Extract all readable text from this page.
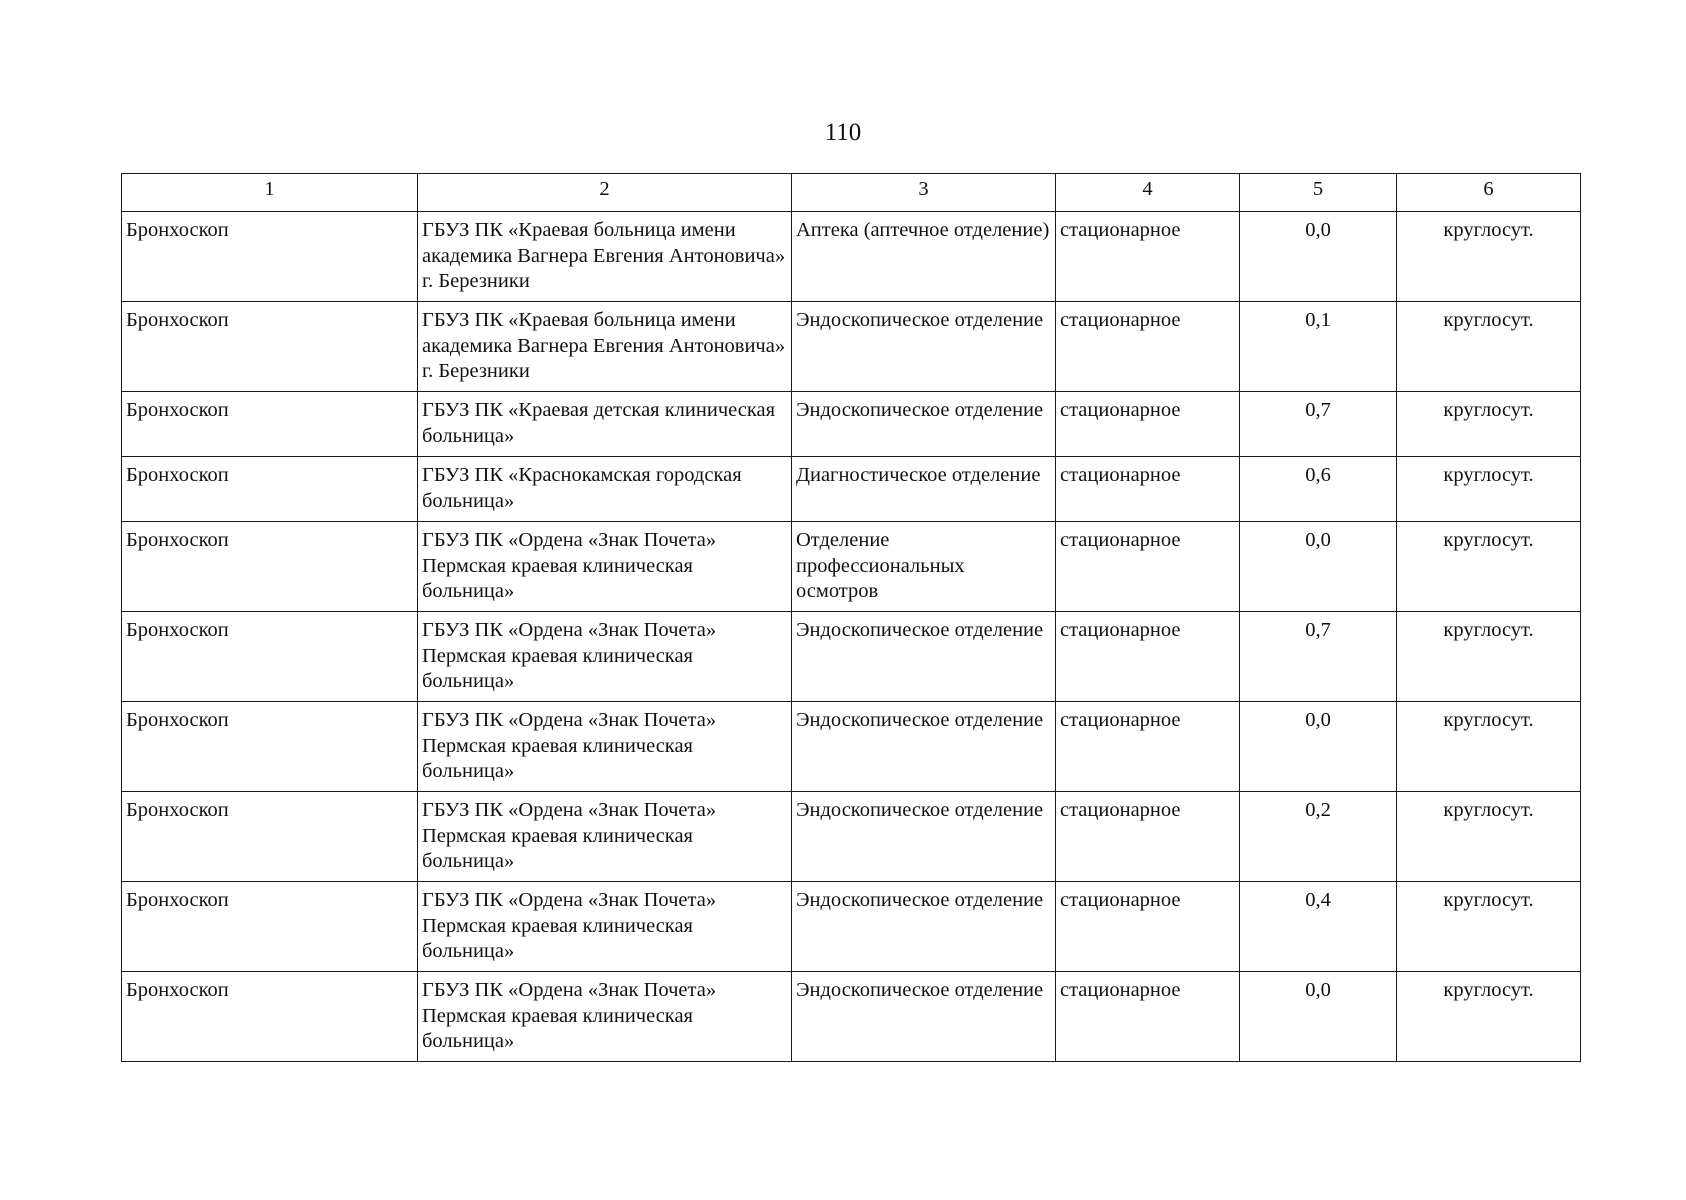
110
1	2	3	4	5	6
Бронхоскоп	ГБУЗ ПК «Краевая больница имени академика Вагнера Евгения Антоновича» г. Березники	Аптека (аптечное отделение)	стационарное	0,0	круглосут.
Бронхоскоп	ГБУЗ ПК «Краевая больница имени академика Вагнера Евгения Антоновича» г. Березники	Эндоскопическое отделение	стационарное	0,1	круглосут.
Бронхоскоп	ГБУЗ ПК «Краевая детская клиническая больница»	Эндоскопическое отделение	стационарное	0,7	круглосут.
Бронхоскоп	ГБУЗ ПК «Краснокамская городская больница»	Диагностическое отделение	стационарное	0,6	круглосут.
Бронхоскоп	ГБУЗ ПК «Ордена «Знак Почета» Пермская краевая клиническая больница»	Отделение профессиональных осмотров	стационарное	0,0	круглосут.
Бронхоскоп	ГБУЗ ПК «Ордена «Знак Почета» Пермская краевая клиническая больница»	Эндоскопическое отделение	стационарное	0,7	круглосут.
Бронхоскоп	ГБУЗ ПК «Ордена «Знак Почета» Пермская краевая клиническая больница»	Эндоскопическое отделение	стационарное	0,0	круглосут.
Бронхоскоп	ГБУЗ ПК «Ордена «Знак Почета» Пермская краевая клиническая больница»	Эндоскопическое отделение	стационарное	0,2	круглосут.
Бронхоскоп	ГБУЗ ПК «Ордена «Знак Почета» Пермская краевая клиническая больница»	Эндоскопическое отделение	стационарное	0,4	круглосут.
Бронхоскоп	ГБУЗ ПК «Ордена «Знак Почета» Пермская краевая клиническая больница»	Эндоскопическое отделение	стационарное	0,0	круглосут.
